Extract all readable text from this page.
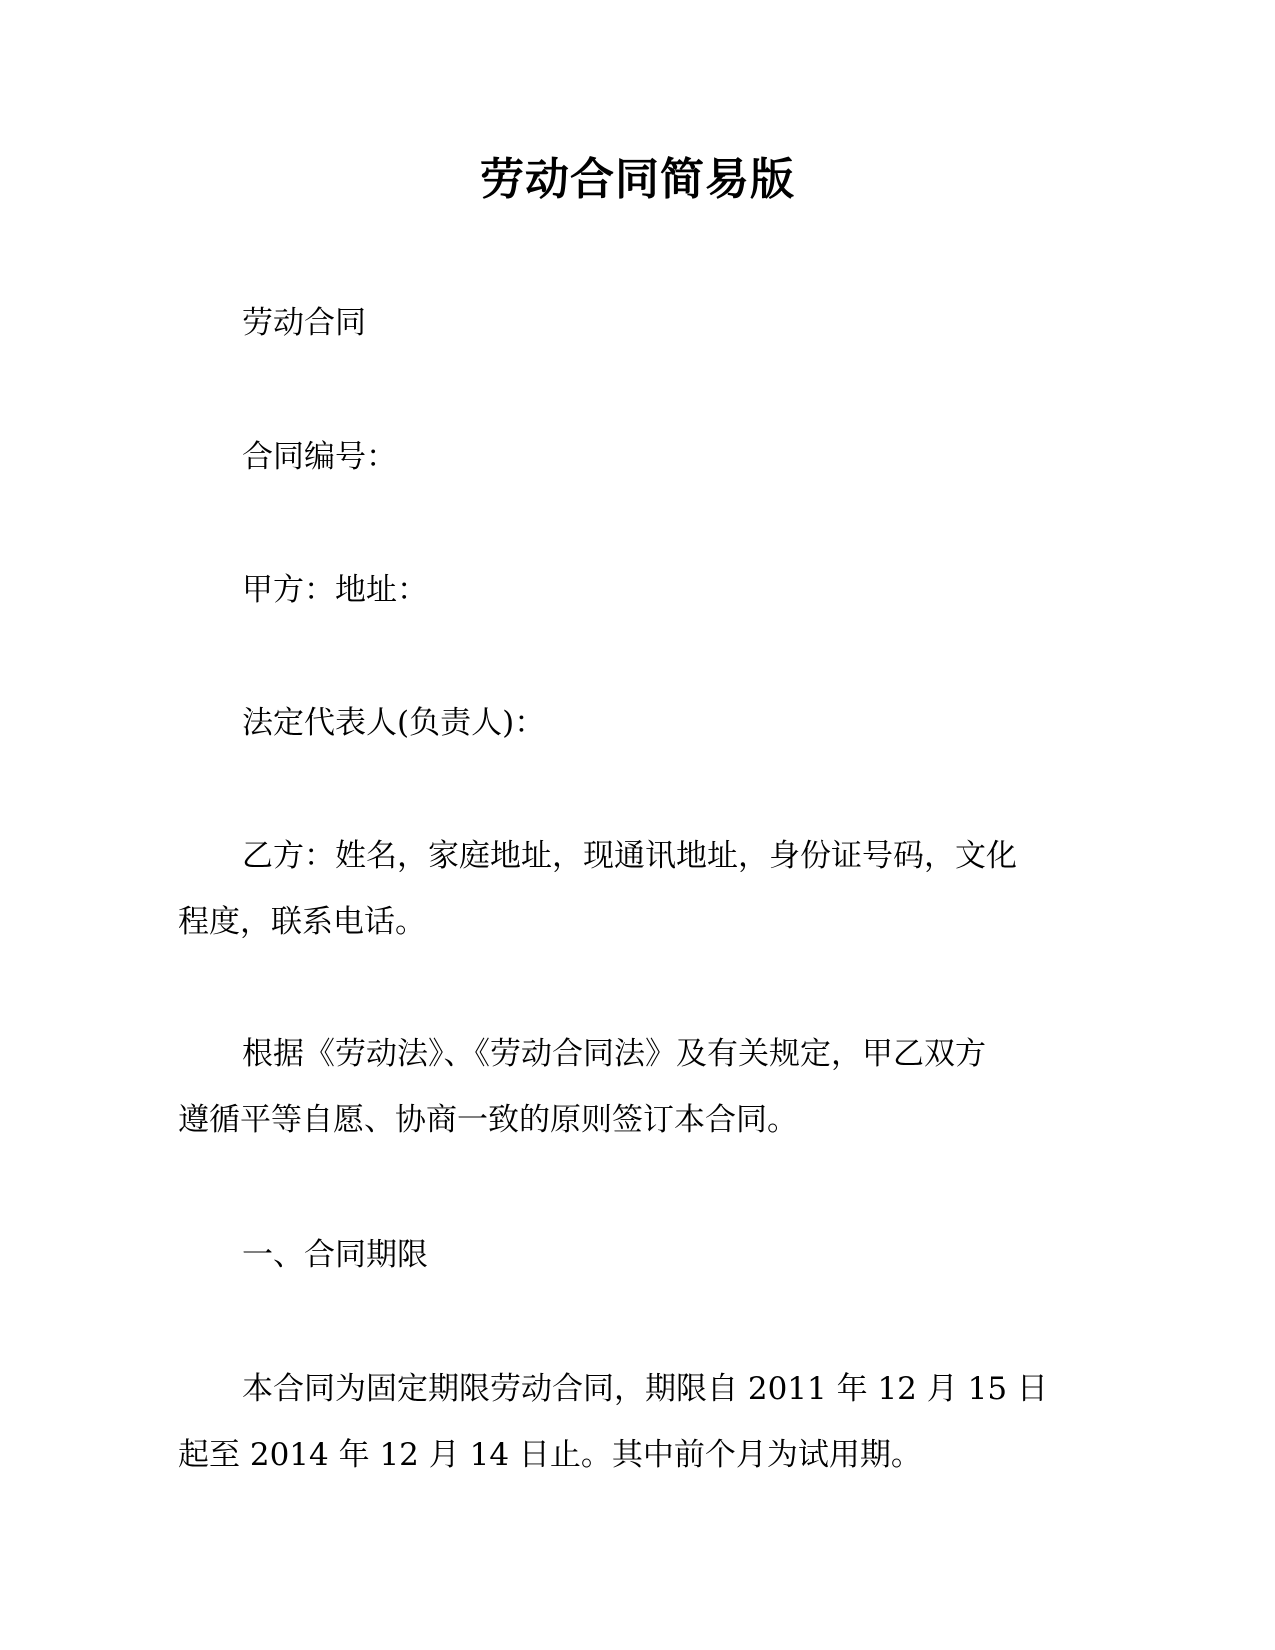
劳动合同简易版

劳动合同

合同编号：

甲方：地址：

法定代表人(负责人)：

乙方：姓名，家庭地址，现通讯地址，身份证号码，文化
程度，联系电话。

根据《劳动法》、《劳动合同法》及有关规定，甲乙双方
遵循平等自愿、协商一致的原则签订本合同。

一、合同期限

本合同为固定期限劳动合同，期限自 2011 年 12 月 15 日
起至 2014 年 12 月 14 日止。其中前个月为试用期。
